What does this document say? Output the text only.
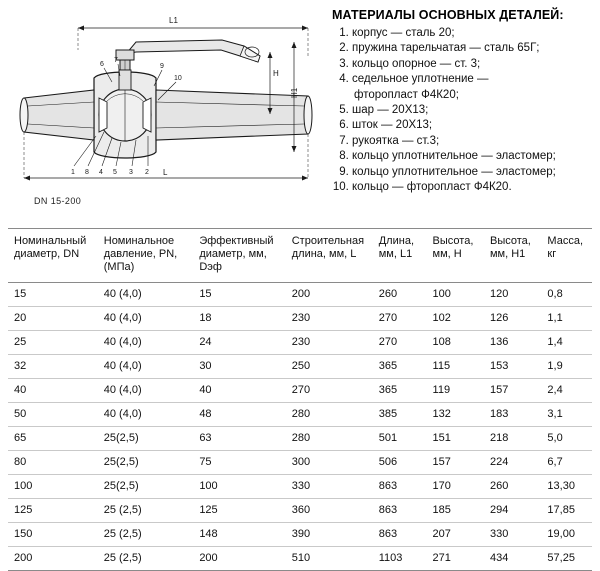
L1
H
H1
L
1 8 4 5 3 2
6
7
9
10
DN 15-200
МАТЕРИАЛЫ ОСНОВНЫХ ДЕТАЛЕЙ:
1. корпус — сталь 20;
2. пружина тарельчатая — сталь 65Г;
3. кольцо опорное — ст. 3;
4. седельное уплотнение —
фторопласт Ф4К20;
5. шар — 20Х13;
6. шток — 20Х13;
7. рукоятка — ст.3;
8. кольцо уплотнительное — эластомер;
9. кольцо уплотнительное — эластомер;
10. кольцо — фторопласт Ф4К20.
Номинальный диаметр, DN	Номинальное давление, PN, (МПа)	Эффективный диаметр, мм, Dэф	Строительная длина, мм, L	Длина, мм, L1	Высота, мм, Н	Высота, мм, Н1	Масса, кг
15	40 (4,0)	15	200	260	100	120	0,8
20	40 (4,0)	18	230	270	102	126	1,1
25	40 (4,0)	24	230	270	108	136	1,4
32	40 (4,0)	30	250	365	115	153	1,9
40	40 (4,0)	40	270	365	119	157	2,4
50	40 (4,0)	48	280	385	132	183	3,1
65	25(2,5)	63	280	501	151	218	5,0
80	25(2,5)	75	300	506	157	224	6,7
100	25(2,5)	100	330	863	170	260	13,30
125	25 (2,5)	125	360	863	185	294	17,85
150	25 (2,5)	148	390	863	207	330	19,00
200	25 (2,5)	200	510	1103	271	434	57,25
